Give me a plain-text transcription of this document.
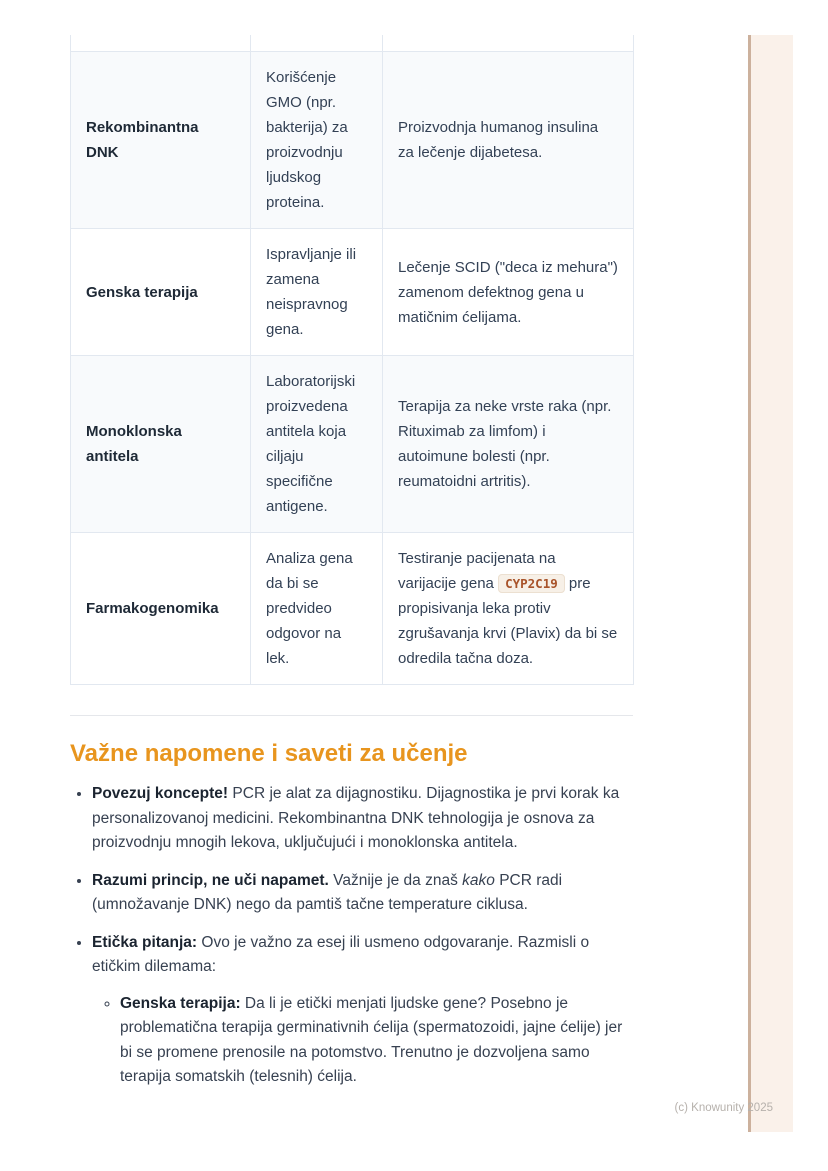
Rekombinantna DNK	Korišćenje GMO (npr. bakterija) za proizvodnju ljudskog proteina.	Proizvodnja humanog insulina za lečenje dijabetesa.
Genska terapija	Ispravljanje ili zamena neispravnog gena.	Lečenje SCID ("deca iz mehura") zamenom defektnog gena u matičnim ćelijama.
Monoklonska antitela	Laboratorijski proizvedena antitela koja ciljaju specifične antigene.	Terapija za neke vrste raka (npr. Rituximab za limfom) i autoimune bolesti (npr. reumatoidni artritis).
Farmakogenomika	Analiza gena da bi se predvideo odgovor na lek.	Testiranje pacijenata na varijacije gena CYP2C19 pre propisivanja leka protiv zgrušavanja krvi (Plavix) da bi se odredila tačna doza.
Važne napomene i saveti za učenje
• Povezuj koncepte! PCR je alat za dijagnostiku. Dijagnostika je prvi korak ka personalizovanoj medicini. Rekombinantna DNK tehnologija je osnova za proizvodnju mnogih lekova, uključujući i monoklonska antitela.
• Razumi princip, ne uči napamet. Važnije je da znaš kako PCR radi (umnožavanje DNK) nego da pamtiš tačne temperature ciklusa.
• Etička pitanja: Ovo je važno za esej ili usmeno odgovaranje. Razmisli o etičkim dilemama:
◦ Genska terapija: Da li je etički menjati ljudske gene? Posebno je problematična terapija germinativnih ćelija (spermatozoidi, jajne ćelije) jer bi se promene prenosile na potomstvo. Trenutno je dozvoljena samo terapija somatskih (telesnih) ćelija.
(c) Knowunity 2025
